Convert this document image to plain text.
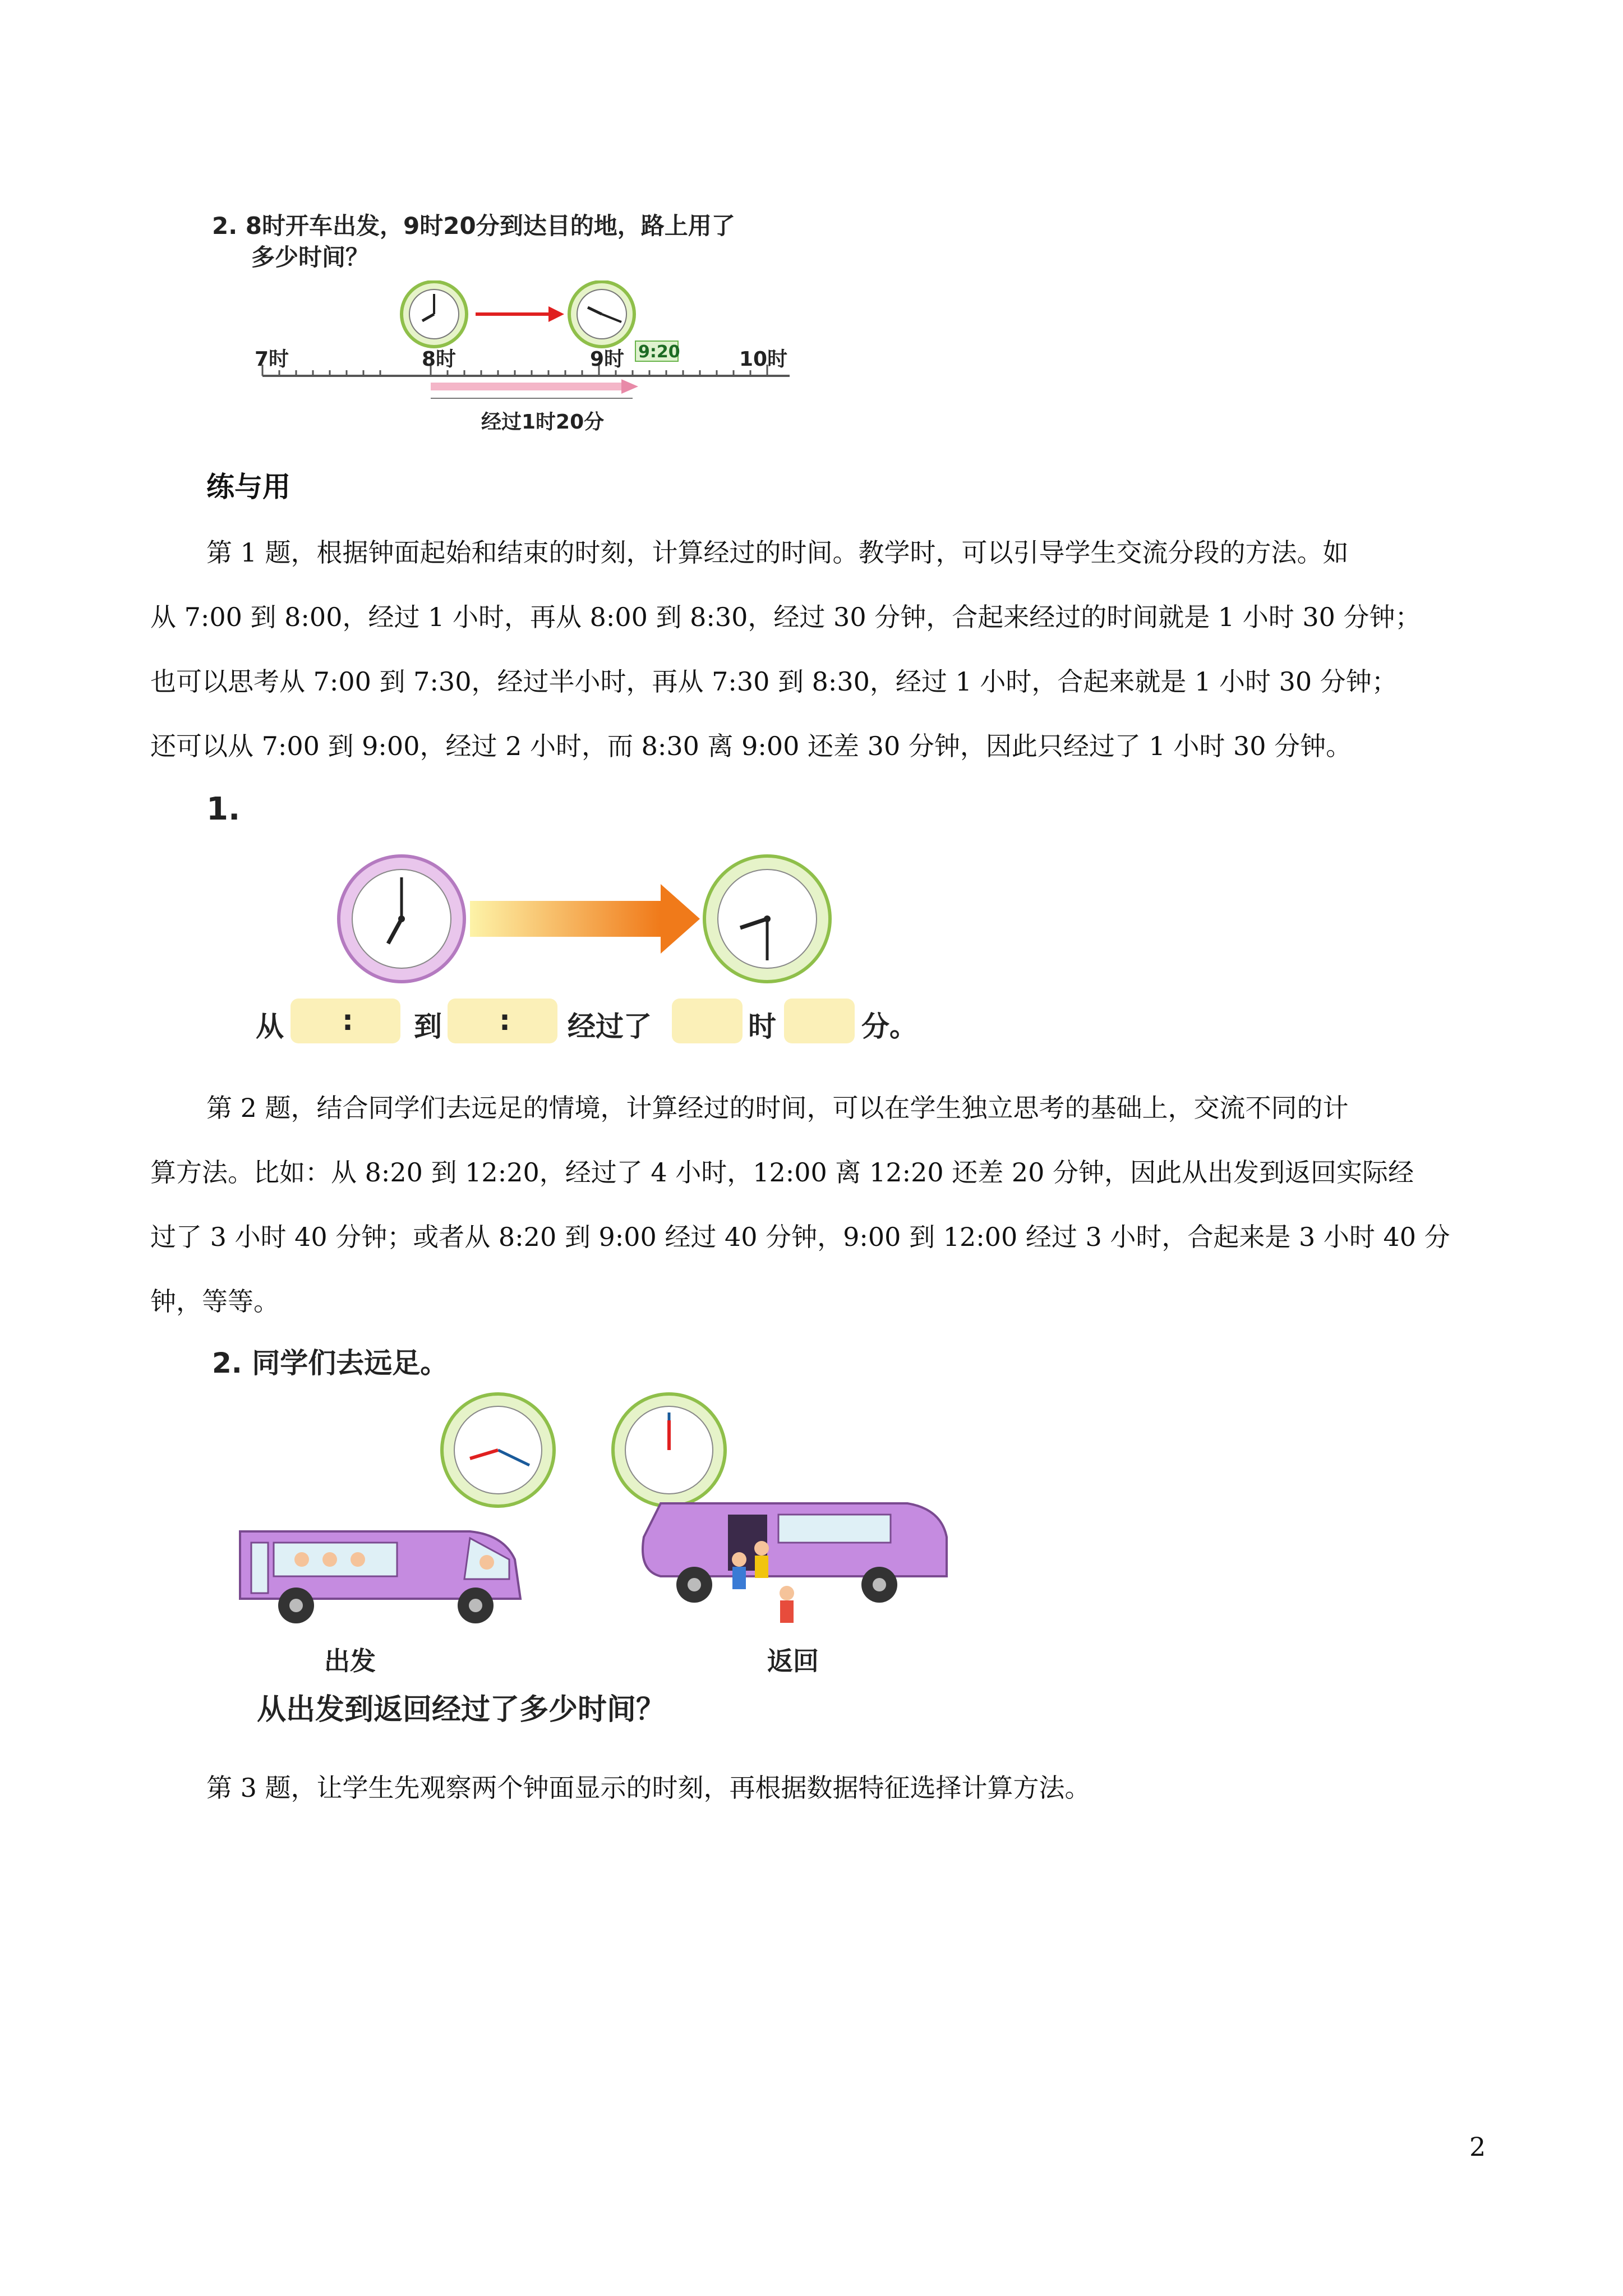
2. 8时开车出发，9时20分到达目的地，路上用了
多少时间？
7时	8时	9时	10时
9:20
经过1时20分
练与用

第 1 题，根据钟面起始和结束的时刻，计算经过的时间。教学时，可以引导学生交流分段的方法。如

从 7:00 到 8:00，经过 1 小时，再从 8:00 到 8:30，经过 30 分钟，合起来经过的时间就是 1 小时 30 分钟；

也可以思考从 7:00 到 7:30，经过半小时，再从 7:30 到 8:30，经过 1 小时，合起来就是 1 小时 30 分钟；

还可以从 7:00 到 9:00，经过 2 小时，而 8:30 离 9:00 还差 30 分钟，因此只经过了 1 小时 30 分钟。

1.
从 : 到 : 经过了	时	分。

第 2 题，结合同学们去远足的情境，计算经过的时间，可以在学生独立思考的基础上，交流不同的计

算方法。比如：从 8:20 到 12:20，经过了 4 小时，12:00 离 12:20 还差 20 分钟，因此从出发到返回实际经

过了 3 小时 40 分钟；或者从 8:20 到 9:00 经过 40 分钟，9:00 到 12:00 经过 3 小时，合起来是 3 小时 40 分

钟，等等。

2. 同学们去远足。
出发	返回
从出发到返回经过了多少时间？

第 3 题，让学生先观察两个钟面显示的时刻，再根据数据特征选择计算方法。

2
